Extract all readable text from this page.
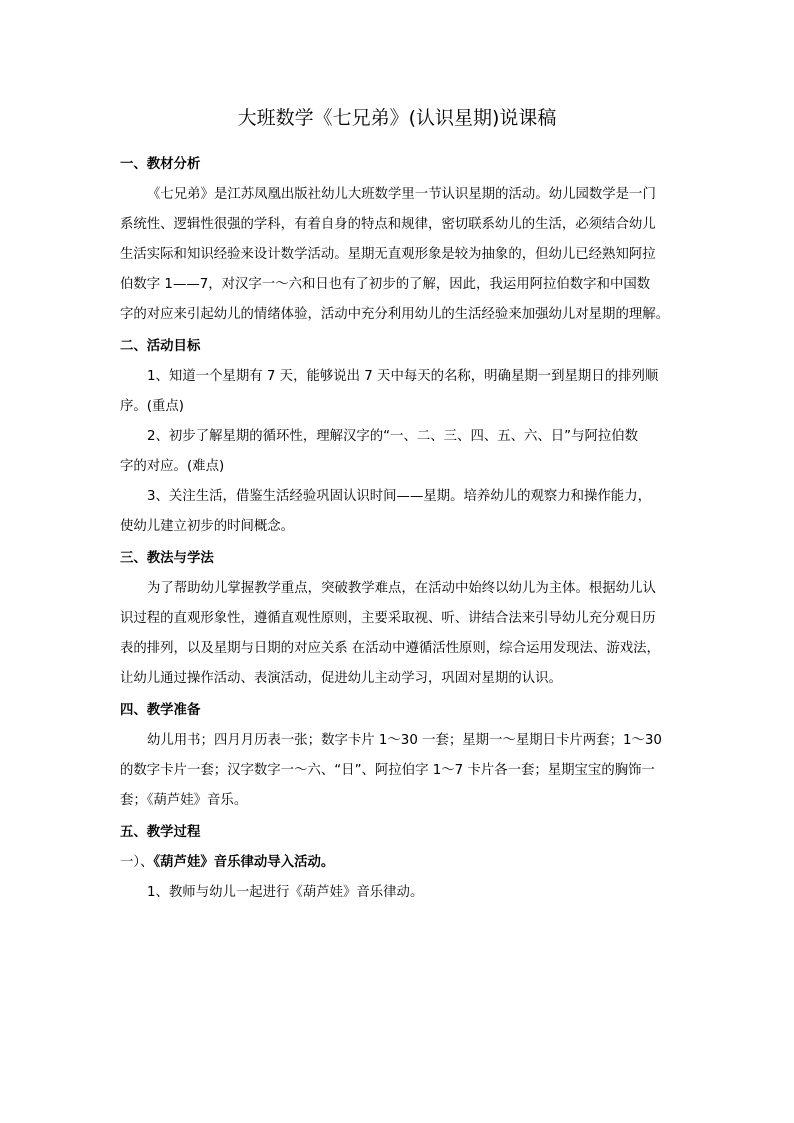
大班数学《七兄弟》(认识星期)说课稿
一、教材分析
《七兄弟》是江苏凤凰出版社幼儿大班数学里一节认识星期的活动。幼儿园数学是一门
系统性、逻辑性很强的学科，有着自身的特点和规律，密切联系幼儿的生活，必须结合幼儿
生活实际和知识经验来设计数学活动。星期无直观形象是较为抽象的，但幼儿已经熟知阿拉
伯数字 1——7，对汉字一～六和日也有了初步的了解，因此，我运用阿拉伯数字和中国数
字的对应来引起幼儿的情绪体验，活动中充分利用幼儿的生活经验来加强幼儿对星期的理解。
二、活动目标
1、知道一个星期有 7 天，能够说出 7 天中每天的名称，明确星期一到星期日的排列顺
序。(重点)
2、初步了解星期的循环性，理解汉字的“一、二、三、四、五、六、日”与阿拉伯数
字的对应。(难点)
3、关注生活，借鉴生活经验巩固认识时间——星期。培养幼儿的观察力和操作能力，
使幼儿建立初步的时间概念。
三、教法与学法
为了帮助幼儿掌握教学重点，突破教学难点，在活动中始终以幼儿为主体。根据幼儿认
识过程的直观形象性，遵循直观性原则，主要采取视、听、讲结合法来引导幼儿充分观日历
表的排列，以及星期与日期的对应关系 在活动中遵循活性原则，综合运用发现法、游戏法，
让幼儿通过操作活动、表演活动，促进幼儿主动学习，巩固对星期的认识。
四、教学准备
幼儿用书；四月月历表一张；数字卡片 1～30 一套；星期一～星期日卡片两套；1～30
的数字卡片一套；汉字数字一～六、“日”、阿拉伯字 1～7 卡片各一套；星期宝宝的胸饰一
套；《葫芦娃》音乐。
五、教学过程
一）、《葫芦娃》音乐律动导入活动。
1、教师与幼儿一起进行《葫芦娃》音乐律动。
